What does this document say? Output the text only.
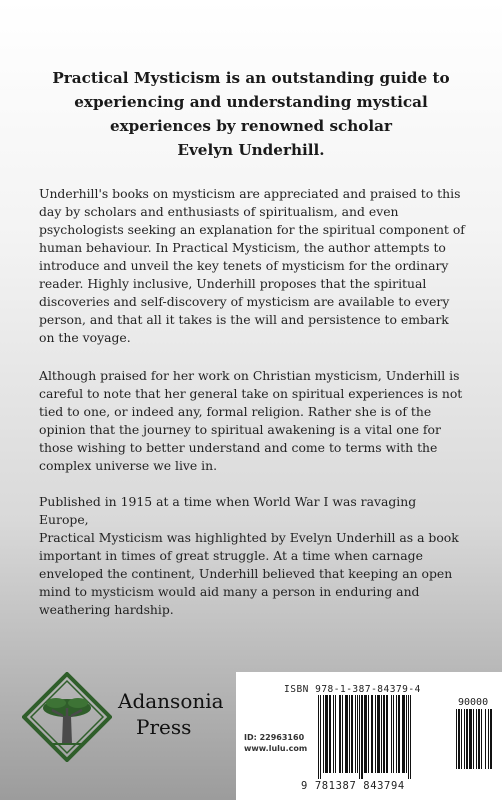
Practical Mysticism is an outstanding guide to
experiencing and understanding mystical
experiences by renowned scholar
Evelyn Underhill.
Underhill's books on mysticism are appreciated and praised to this
day by scholars and enthusiasts of spiritualism, and even
psychologists seeking an explanation for the spiritual component of
human behaviour. In Practical Mysticism, the author attempts to
introduce and unveil the key tenets of mysticism for the ordinary
reader. Highly inclusive, Underhill proposes that the spiritual
discoveries and self-discovery of mysticism are available to every
person, and that all it takes is the will and persistence to embark
on the voyage.
Although praised for her work on Christian mysticism, Underhill is
careful to note that her general take on spiritual experiences is not
tied to one, or indeed any, formal religion. Rather she is of the
opinion that the journey to spiritual awakening is a vital one for
those wishing to better understand and come to terms with the
complex universe we live in.
Published in 1915 at a time when World War I was ravaging Europe,
Practical Mysticism was highlighted by Evelyn Underhill as a book
important in times of great struggle. At a time when carnage
enveloped the continent, Underhill believed that keeping an open
mind to mysticism would aid many a person in enduring and
weathering hardship.
Adansonia
Press
ISBN 978-1-387-84379-4
90000
ID: 22963160
www.lulu.com
9 781387 843794
